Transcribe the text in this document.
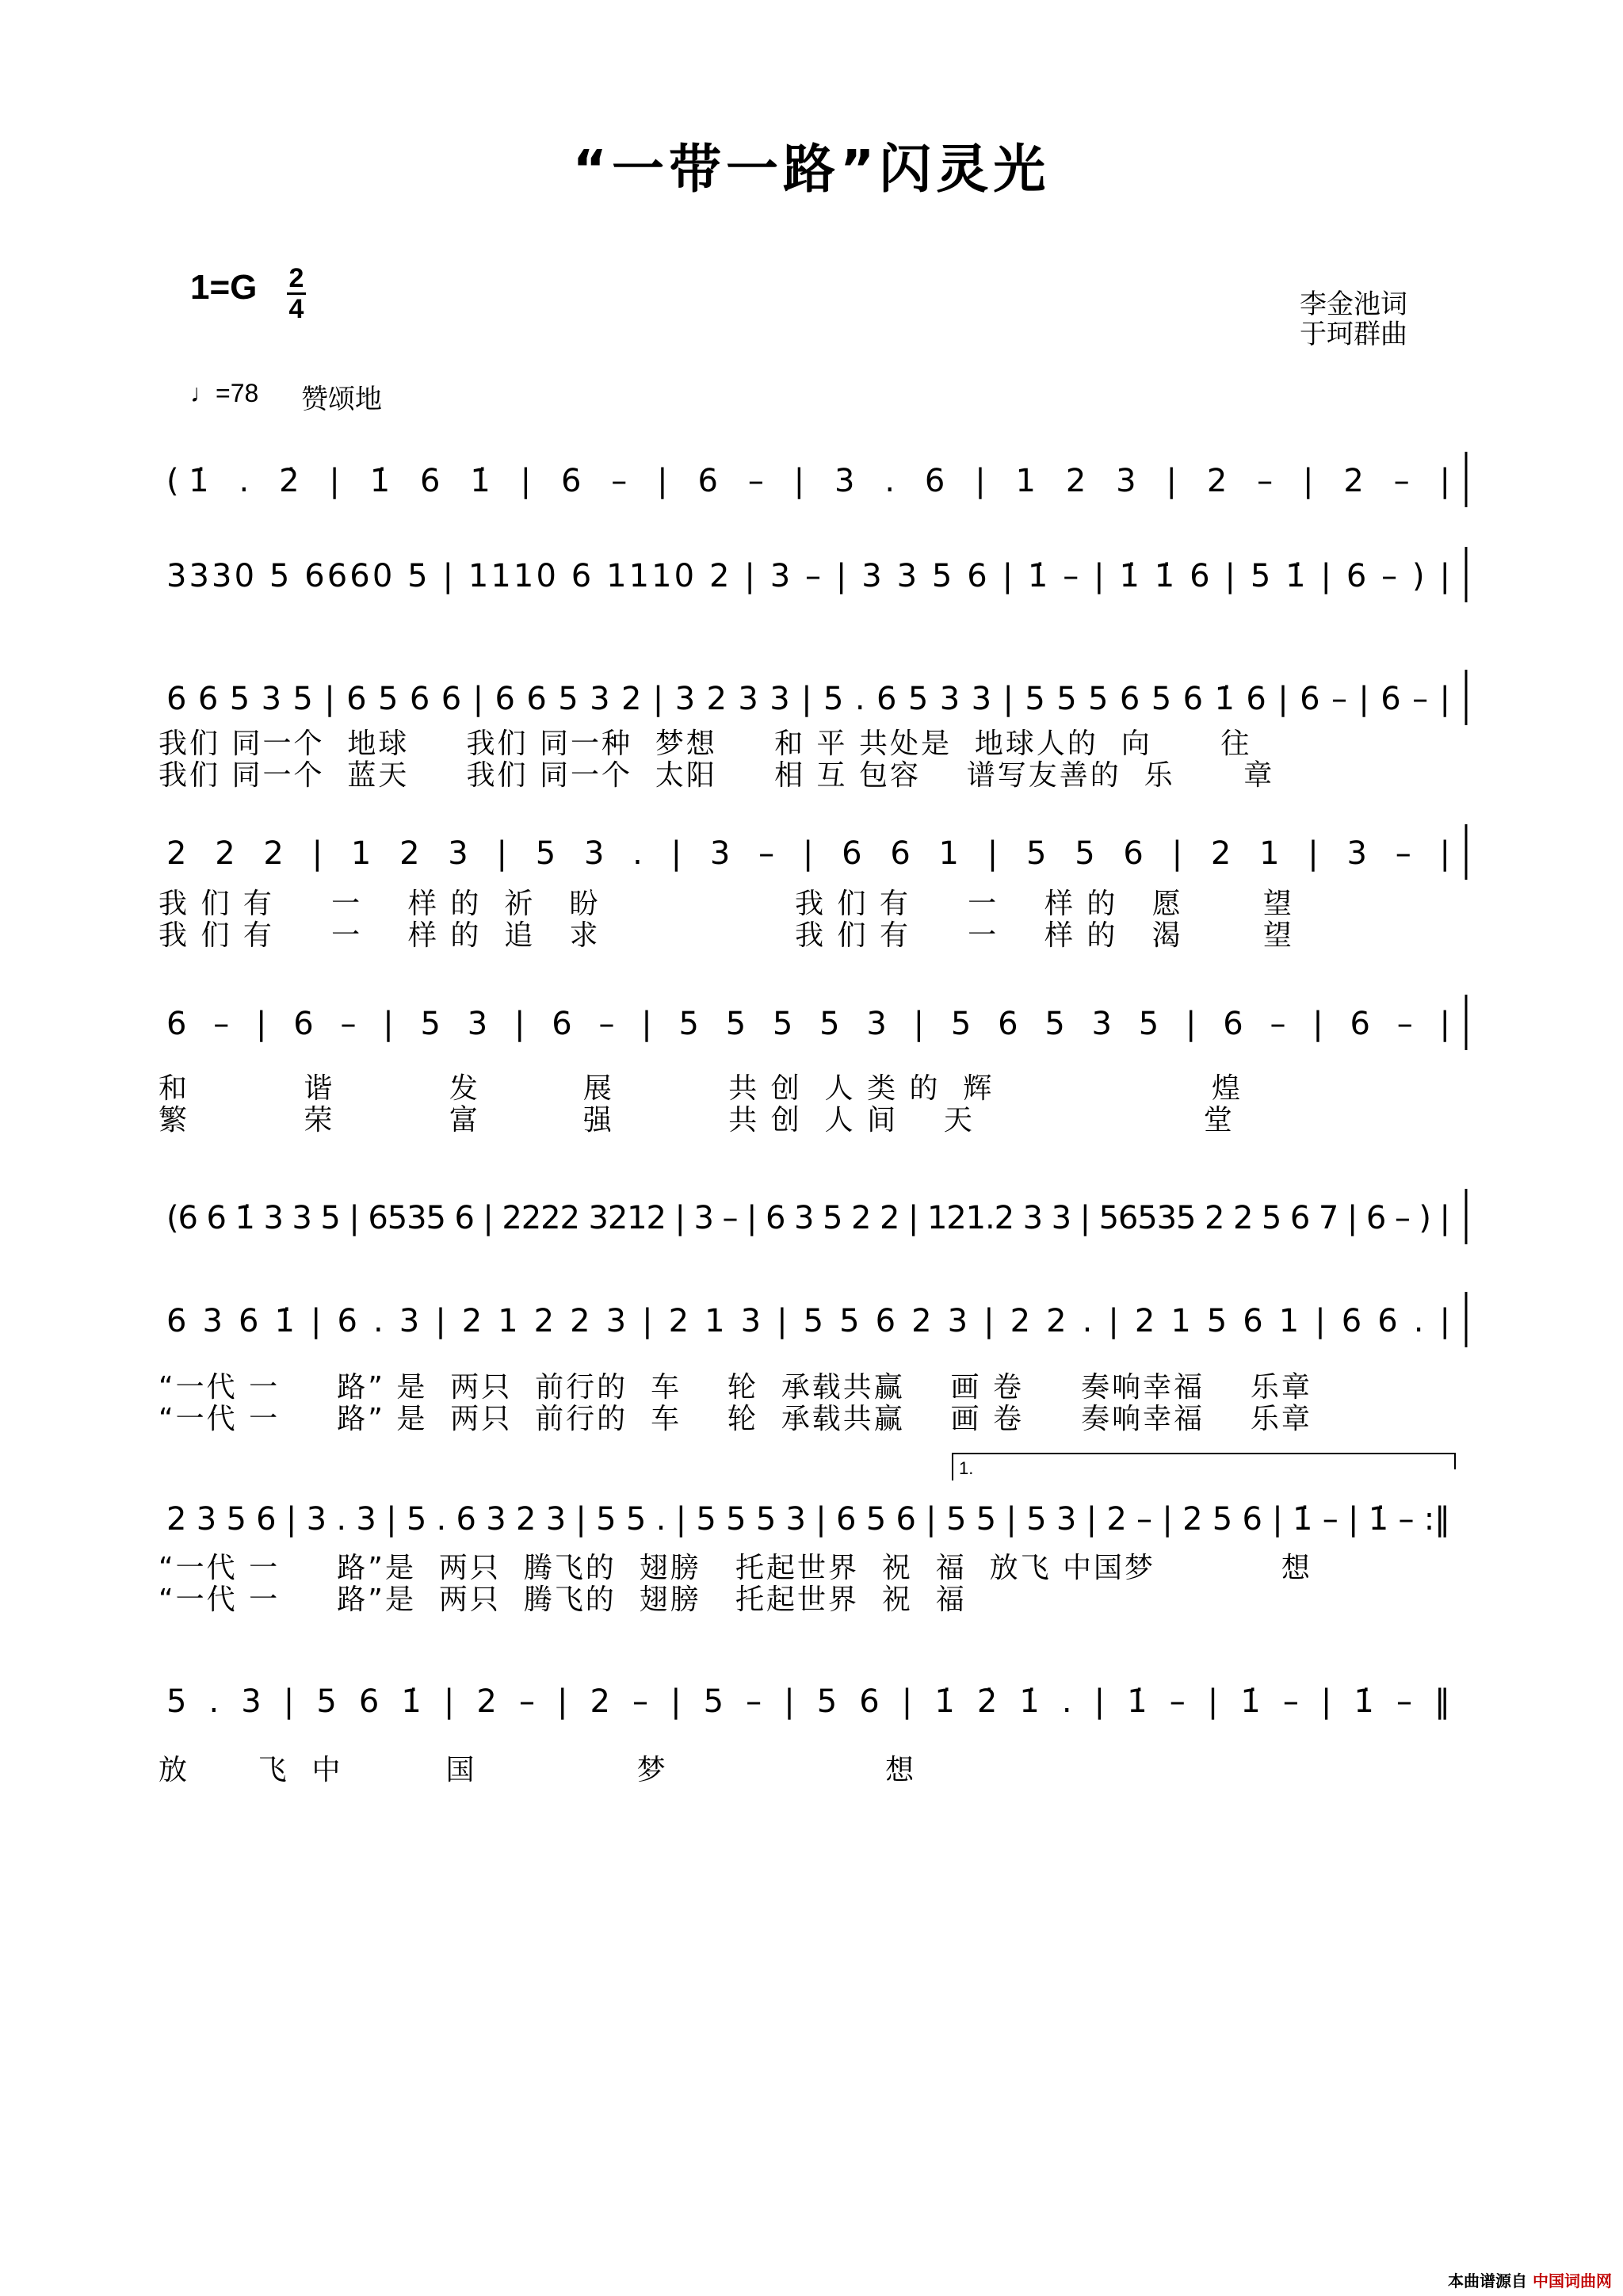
“一带一路”闪灵光
1=G 2
4	李金池词
于珂群曲
♩=78 赞颂地
(1̇ . 2̇ | 1̇ 6 1̇ | 6 – | 6 – | 3 . 6 | 1 2 3 | 2 – | 2 – |
3330 5 6660 5 | 1110 6 1110 2 | 3 – | 3 3 5 6 | 1̇ – | 1̇ 1̇ 6 | 5 1̇ | 6 – ) |
6 6 5 3 5 | 6 5 6 6 | 6 6 5 3 2 | 3 2 3 3 | 5 . 6 5 3 3 | 5 5 5 6 5 6 1̇ 6 | 6 – | 6 – |
我们 同一个  地球     我们 同一种  梦想     和 平 共处是  地球人的  向      往
我们 同一个  蓝天     我们 同一个  太阳     相 互 包容    谱写友善的  乐      章
2 2 2 | 1 2 3 | 5 3 . | 3 – | 6 6 1 | 5 5 6 | 2 1 | 3 – |
我 们 有     一    样 的  祈   盼                 我 们 有     一    样 的   愿       望
我 们 有     一    样 的  追   求                 我 们 有     一    样 的   渴       望
6 – | 6 – | 5 3 | 6 – | 5 5 5 5 3 | 5 6 5 3 5 | 6 – | 6 – |
和          谐          发         展          共 创  人 类 的  辉                   煌
繁          荣          富         强          共 创  人 间    天                    堂
(6 6 1̇ 3 3 5 | 6535 6 | 2222 3212 | 3 – | 6 3 5 2 2 | 121.2 3 3 | 56535 2 2 5 6 7 | 6 – ) |
6 3 6 1̇ | 6 . 3 | 2 1 2 2 3 | 2 1 3 | 5 5 6 2 3 | 2 2 . | 2 1 5 6 1 | 6 6 . |
“一代 一     路” 是  两只  前行的  车    轮  承载共赢    画 卷     奏响幸福    乐章
“一代 一     路” 是  两只  前行的  车    轮  承载共赢    画 卷     奏响幸福    乐章
1.
2 3 5 6 | 3 . 3 | 5 . 6 3 2 3 | 5 5 . | 5 5 5 3 | 6 5 6 | 5 5 | 5 3 | 2 – | 2 5 6 | 1̇ – | 1̇ – :‖
“一代 一     路”是  两只  腾飞的  翅膀   托起世界  祝  福  放飞 中国梦           想
“一代 一     路”是  两只  腾飞的  翅膀   托起世界  祝  福
5 . 3 | 5 6 1̇ | 2 – | 2 – | 5 – | 5 6 | 1̇ 2̇ 1̇ . | 1̇ – | 1̇ – | 1̇ – ‖
放      飞  中         国              梦                   想
本曲谱源自 中国词曲网
